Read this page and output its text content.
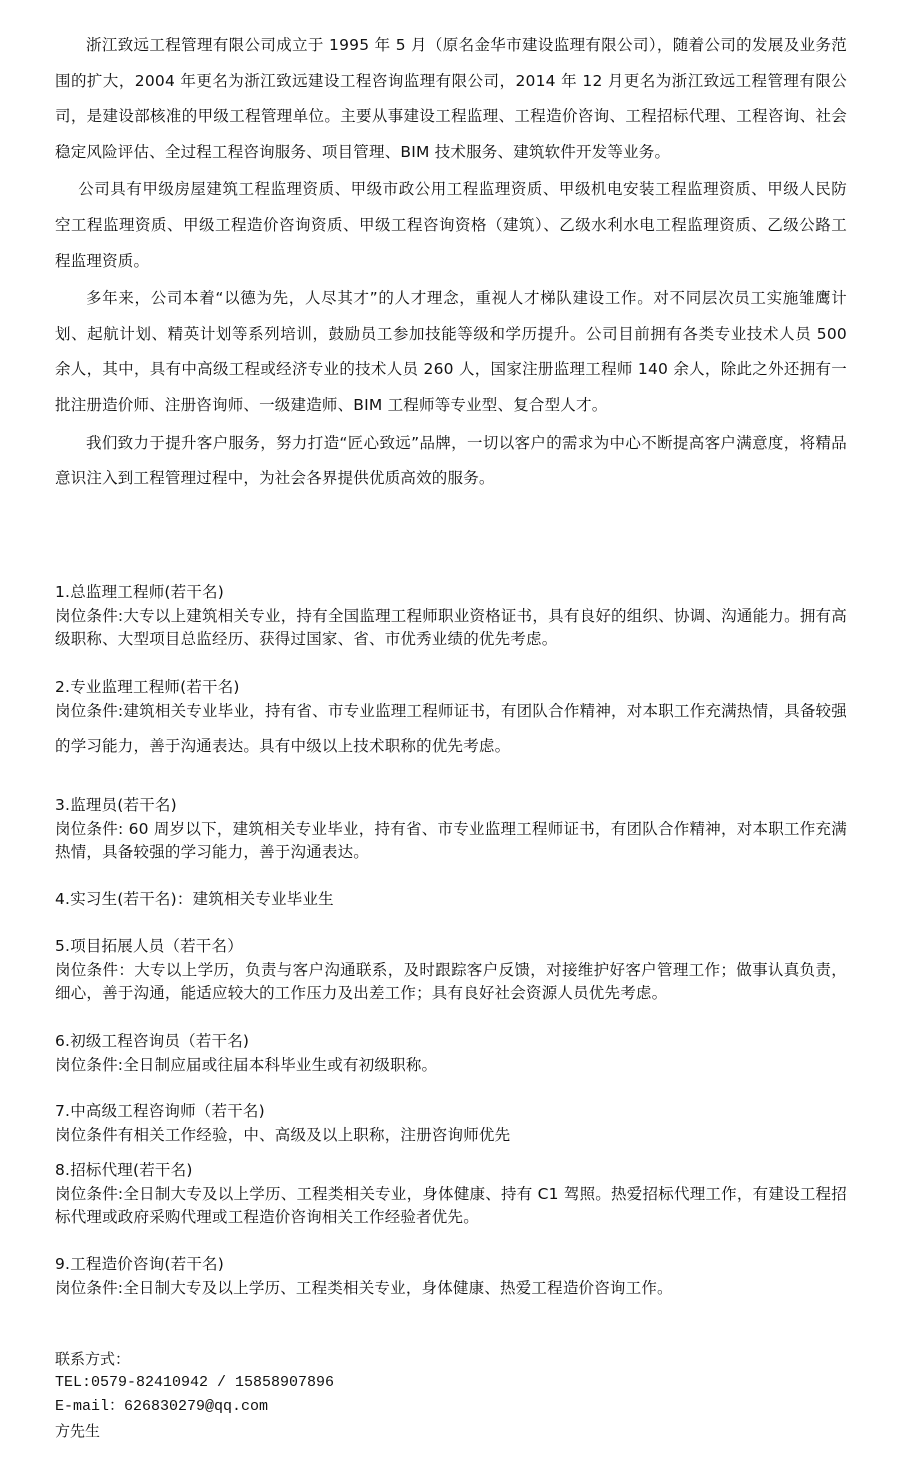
浙江致远工程管理有限公司成立于 1995 年 5 月（原名金华市建设监理有限公司），随着公司的发展及业务范围的扩大，2004 年更名为浙江致远建设工程咨询监理有限公司，2014 年 12 月更名为浙江致远工程管理有限公司，是建设部核准的甲级工程管理单位。主要从事建设工程监理、工程造价咨询、工程招标代理、工程咨询、社会稳定风险评估、全过程工程咨询服务、项目管理、BIM 技术服务、建筑软件开发等业务。

公司具有甲级房屋建筑工程监理资质、甲级市政公用工程监理资质、甲级机电安装工程监理资质、甲级人民防空工程监理资质、甲级工程造价咨询资质、甲级工程咨询资格（建筑）、乙级水利水电工程监理资质、乙级公路工程监理资质。

多年来，公司本着“以德为先，人尽其才”的人才理念，重视人才梯队建设工作。对不同层次员工实施雏鹰计划、起航计划、精英计划等系列培训，鼓励员工参加技能等级和学历提升。公司目前拥有各类专业技术人员 500 余人，其中，具有中高级工程或经济专业的技术人员 260 人，国家注册监理工程师 140 余人，除此之外还拥有一批注册造价师、注册咨询师、一级建造师、BIM 工程师等专业型、复合型人才。

我们致力于提升客户服务，努力打造“匠心致远”品牌，一切以客户的需求为中心不断提高客户满意度，将精品意识注入到工程管理过程中，为社会各界提供优质高效的服务。

1.总监理工程师(若干名)
岗位条件:大专以上建筑相关专业，持有全国监理工程师职业资格证书，具有良好的组织、协调、沟通能力。拥有高级职称、大型项目总监经历、获得过国家、省、市优秀业绩的优先考虑。
2.专业监理工程师(若干名)
岗位条件:建筑相关专业毕业，持有省、市专业监理工程师证书，有团队合作精神，对本职工作充满热情，具备较强的学习能力，善于沟通表达。具有中级以上技术职称的优先考虑。
3.监理员(若干名)
岗位条件: 60 周岁以下，建筑相关专业毕业，持有省、市专业监理工程师证书，有团队合作精神，对本职工作充满热情，具备较强的学习能力，善于沟通表达。
4.实习生(若干名)：建筑相关专业毕业生
5.项目拓展人员（若干名）
岗位条件：大专以上学历，负责与客户沟通联系，及时跟踪客户反馈，对接维护好客户管理工作；做事认真负责，细心，善于沟通，能适应较大的工作压力及出差工作；具有良好社会资源人员优先考虑。
6.初级工程咨询员（若干名)
岗位条件:全日制应届或往届本科毕业生或有初级职称。
7.中高级工程咨询师（若干名)
岗位条件有相关工作经验，中、高级及以上职称，注册咨询师优先
8.招标代理(若干名)
岗位条件:全日制大专及以上学历、工程类相关专业，身体健康、持有 C1 驾照。热爱招标代理工作，有建设工程招标代理或政府采购代理或工程造价咨询相关工作经验者优先。
9.工程造价咨询(若干名)
岗位条件:全日制大专及以上学历、工程类相关专业，身体健康、热爱工程造价咨询工作。
联系方式：
TEL:0579-82410942 / 15858907896
E-mail：626830279@qq.com
方先生
